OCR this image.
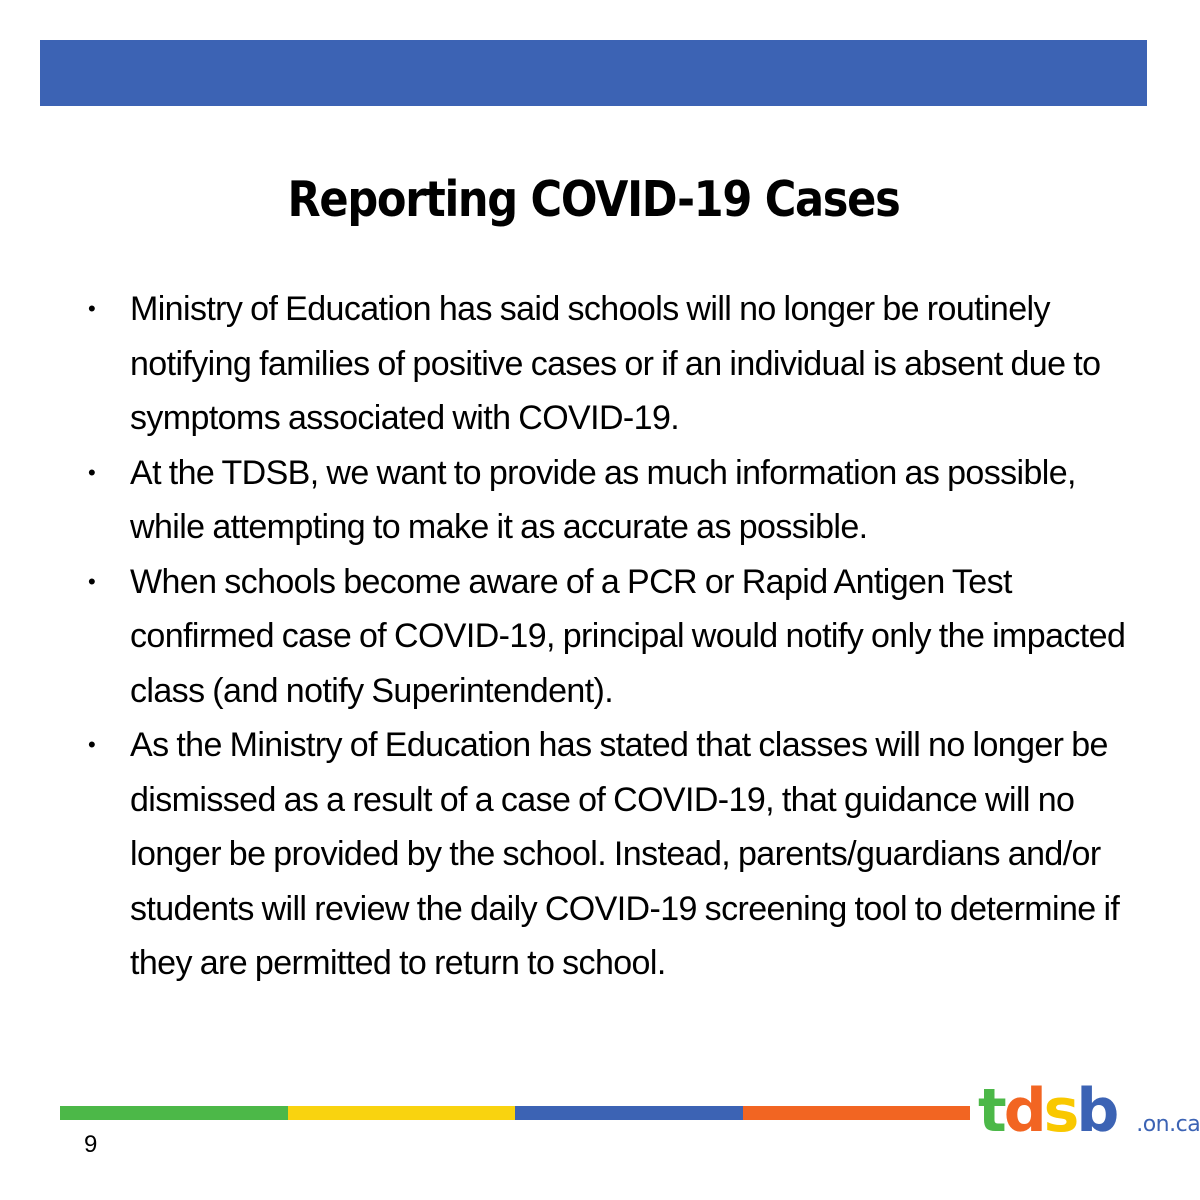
Reporting COVID-19 Cases
• Ministry of Education has said schools will no longer be routinely notifying families of positive cases or if an individual is absent due to symptoms associated with COVID-19.
• At the TDSB, we want to provide as much information as possible, while attempting to make it as accurate as possible.
• When schools become aware of a PCR or Rapid Antigen Test confirmed case of COVID-19, principal would notify only the impacted class (and notify Superintendent).
• As the Ministry of Education has stated that classes will no longer be dismissed as a result of a case of COVID-19, that guidance will no longer be provided by the school. Instead, parents/guardians and/or students will review the daily COVID-19 screening tool to determine if they are permitted to return to school.
tdsb .on.ca
9
